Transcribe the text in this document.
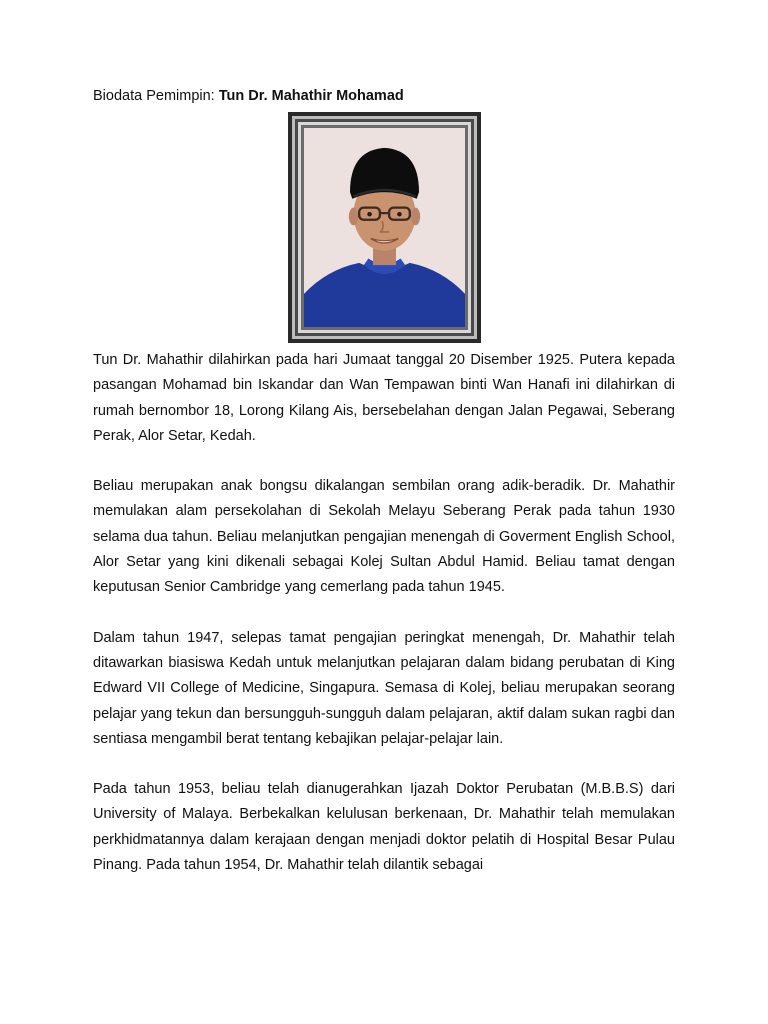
Biodata Pemimpin: Tun Dr. Mahathir Mohamad

Tun Dr. Mahathir dilahirkan pada hari Jumaat tanggal 20 Disember 1925. Putera kepada pasangan Mohamad bin Iskandar dan Wan Tempawan binti Wan Hanafi ini dilahirkan di rumah bernombor 18, Lorong Kilang Ais, bersebelahan dengan Jalan Pegawai, Seberang Perak, Alor Setar, Kedah.

Beliau merupakan anak bongsu dikalangan sembilan orang adik-beradik. Dr. Mahathir memulakan alam persekolahan di Sekolah Melayu Seberang Perak pada tahun 1930 selama dua tahun. Beliau melanjutkan pengajian menengah di Goverment English School, Alor Setar yang kini dikenali sebagai Kolej Sultan Abdul Hamid. Beliau tamat dengan keputusan Senior Cambridge yang cemerlang pada tahun 1945.

Dalam tahun 1947, selepas tamat pengajian peringkat menengah, Dr. Mahathir telah ditawarkan biasiswa Kedah untuk melanjutkan pelajaran dalam bidang perubatan di King Edward VII College of Medicine, Singapura. Semasa di Kolej, beliau merupakan seorang pelajar yang tekun dan bersungguh-sungguh dalam pelajaran, aktif dalam sukan ragbi dan sentiasa mengambil berat tentang kebajikan pelajar-pelajar lain.

Pada tahun 1953, beliau telah dianugerahkan Ijazah Doktor Perubatan (M.B.B.S) dari University of Malaya. Berbekalkan kelulusan berkenaan, Dr. Mahathir telah memulakan perkhidmatannya dalam kerajaan dengan menjadi doktor pelatih di Hospital Besar Pulau Pinang. Pada tahun 1954, Dr. Mahathir telah dilantik sebagai
